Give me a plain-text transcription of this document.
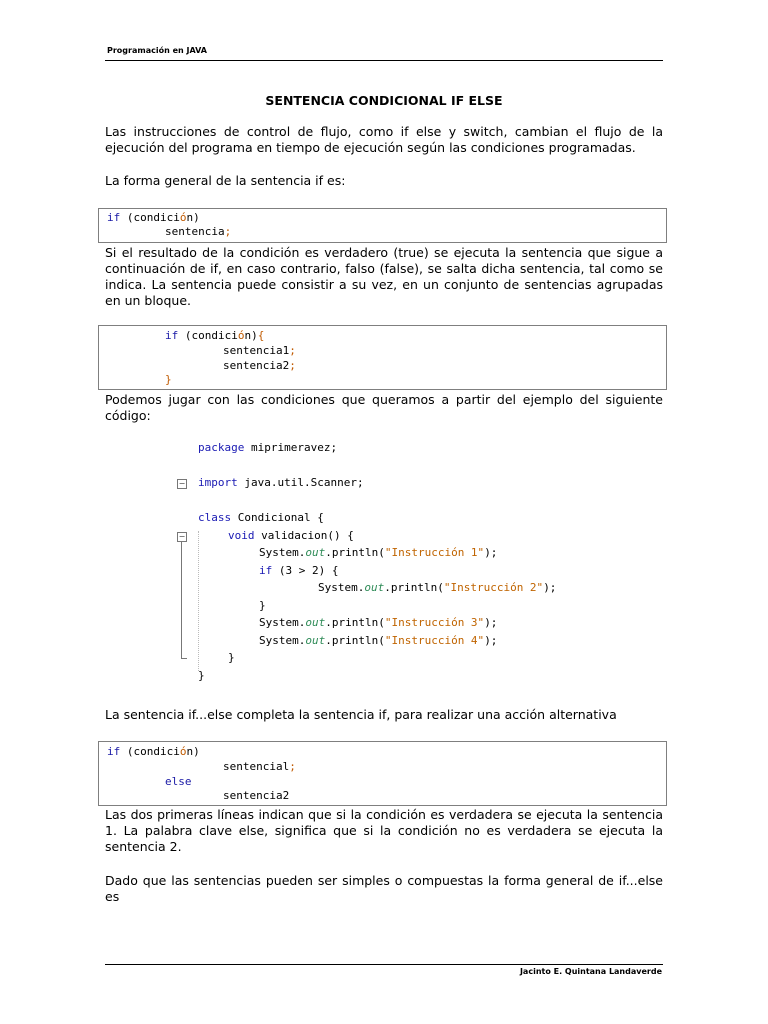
Programación en JAVA
SENTENCIA CONDICIONAL IF ELSE
Las instrucciones de control de flujo, como if else y switch, cambian el flujo de la ejecución del programa en tiempo de ejecución según las condiciones programadas.
La forma general de la sentencia if es:
if (condición)
sentencia;
Si el resultado de la condición es verdadero (true) se ejecuta la sentencia que sigue a continuación de if, en caso contrario, falso (false), se salta dicha sentencia, tal como se indica. La sentencia puede consistir a su vez, en un conjunto de sentencias agrupadas en un bloque.
if (condición){
sentencia1;
sentencia2;
}
Podemos jugar con las condiciones que queramos a partir del ejemplo del siguiente código:
package miprimeravez;
− import java.util.Scanner;
class Condicional {
−	void validacion() {
System.out.println("Instrucción 1");
if (3 > 2) {
System.out.println("Instrucción 2");
}
System.out.println("Instrucción 3");
System.out.println("Instrucción 4");
}
}
La sentencia if...else completa la sentencia if, para realizar una acción alternativa
if (condición)
sentencial;
else
sentencia2
Las dos primeras líneas indican que si la condición es verdadera se ejecuta la sentencia 1. La palabra clave else, significa que si la condición no es verdadera se ejecuta la sentencia 2.
Dado que las sentencias pueden ser simples o compuestas la forma general de if...else es
Jacinto E. Quintana Landaverde
